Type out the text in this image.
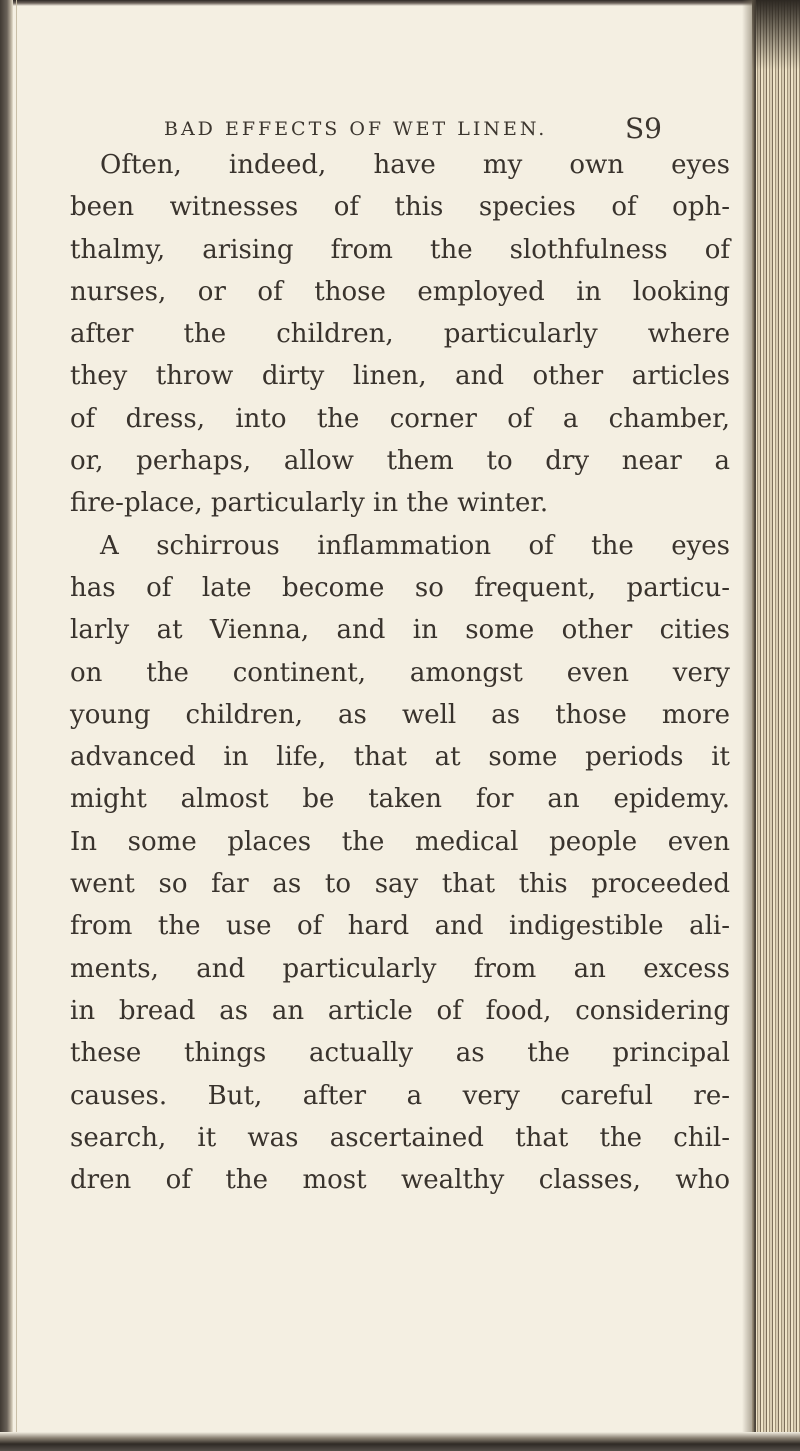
BAD EFFECTS OF WET LINEN.	S9
Often, indeed, have my own eyes
been witnesses of this species of oph-
thalmy, arising from the slothfulness of
nurses, or of those employed in looking
after the children, particularly where
they throw dirty linen, and other articles
of dress, into the corner of a chamber,
or, perhaps, allow them to dry near a
fire-place, particularly in the winter.
A schirrous inflammation of the eyes
has of late become so frequent, particu-
larly at Vienna, and in some other cities
on the continent, amongst even very
young children, as well as those more
advanced in life, that at some periods it
might almost be taken for an epidemy.
In some places the medical people even
went so far as to say that this proceeded
from the use of hard and indigestible ali-
ments, and particularly from an excess
in bread as an article of food, considering
these things actually as the principal
causes. But, after a very careful re-
search, it was ascertained that the chil-
dren of the most wealthy classes, who
